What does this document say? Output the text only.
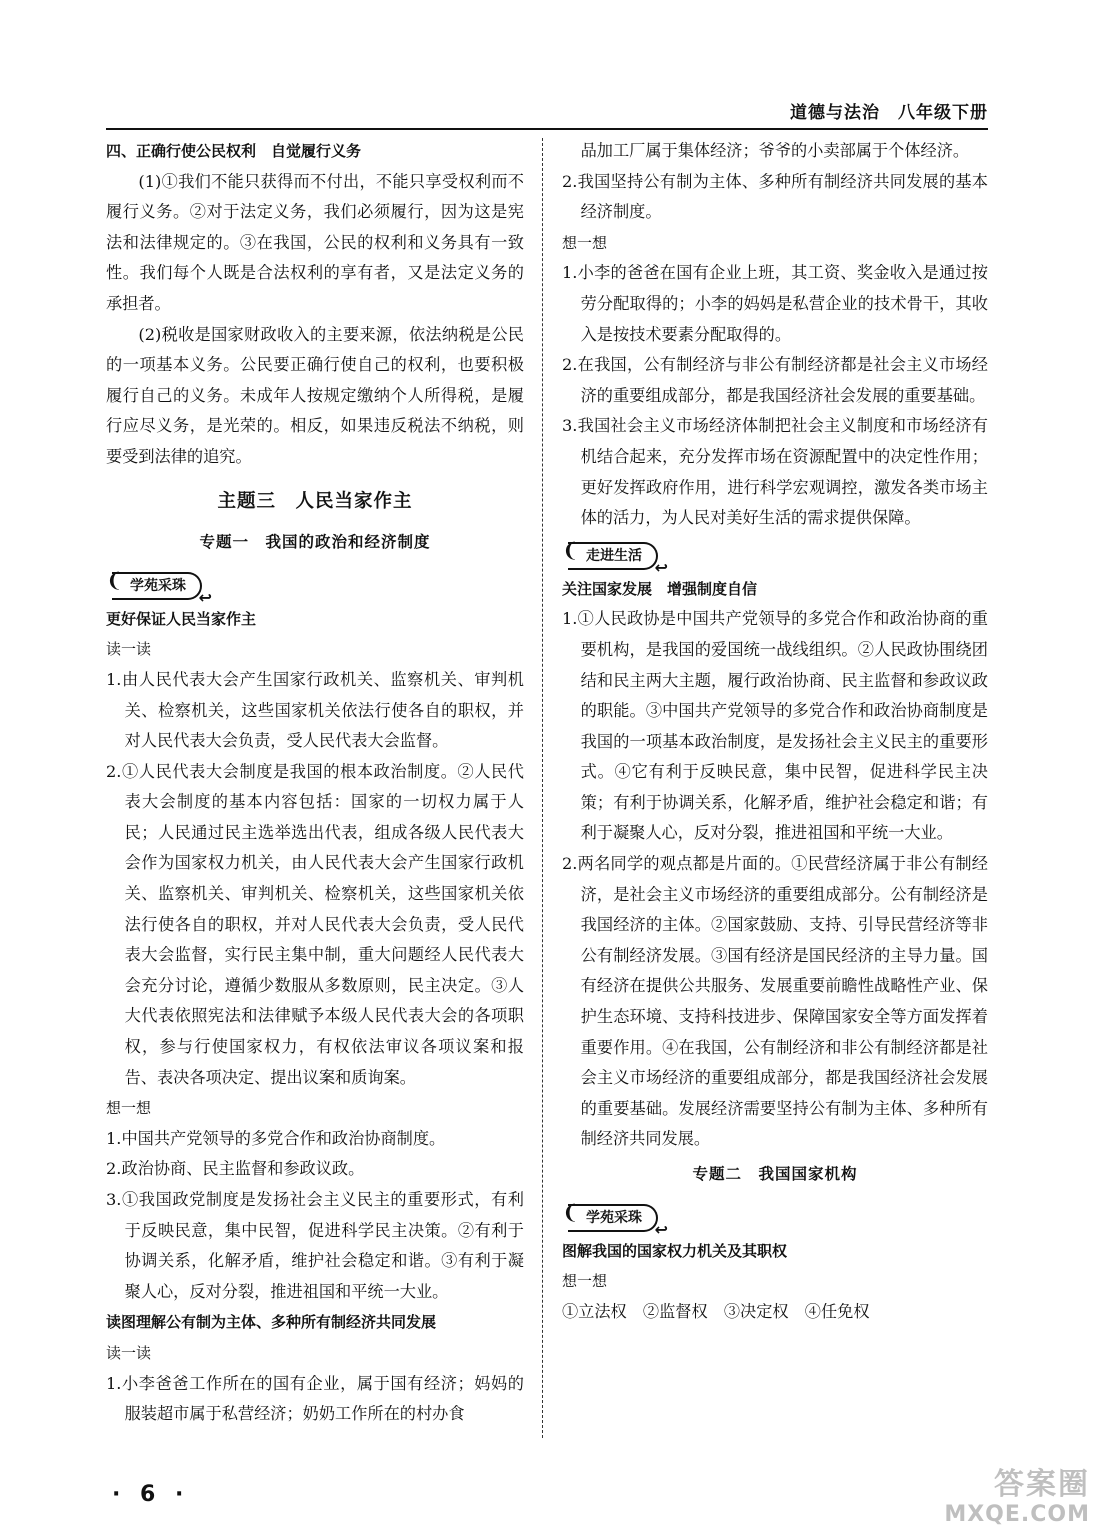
道德与法治　八年级下册

四、正确行使公民权利　自觉履行义务

(1)①我们不能只获得而不付出，不能只享受权利而不履行义务。②对于法定义务，我们必须履行，因为这是宪法和法律规定的。③在我国，公民的权利和义务具有一致性。我们每个人既是合法权利的享有者，又是法定义务的承担者。

(2)税收是国家财政收入的主要来源，依法纳税是公民的一项基本义务。公民要正确行使自己的权利，也要积极履行自己的义务。未成年人按规定缴纳个人所得税，是履行应尽义务，是光荣的。相反，如果违反税法不纳税，则要受到法律的追究。

主题三　人民当家作主
专题一　我国的政治和经济制度
❨ 学苑采珠
↩

更好保证人民当家作主

读一读

1.由人民代表大会产生国家行政机关、监察机关、审判机关、检察机关，这些国家机关依法行使各自的职权，并对人民代表大会负责，受人民代表大会监督。

2.①人民代表大会制度是我国的根本政治制度。②人民代表大会制度的基本内容包括：国家的一切权力属于人民；人民通过民主选举选出代表，组成各级人民代表大会作为国家权力机关，由人民代表大会产生国家行政机关、监察机关、审判机关、检察机关，这些国家机关依法行使各自的职权，并对人民代表大会负责，受人民代表大会监督，实行民主集中制，重大问题经人民代表大会充分讨论，遵循少数服从多数原则，民主决定。③人大代表依照宪法和法律赋予本级人民代表大会的各项职权，参与行使国家权力，有权依法审议各项议案和报告、表决各项决定、提出议案和质询案。

想一想

1.中国共产党领导的多党合作和政治协商制度。

2.政治协商、民主监督和参政议政。

3.①我国政党制度是发扬社会主义民主的重要形式，有利于反映民意，集中民智，促进科学民主决策。②有利于协调关系，化解矛盾，维护社会稳定和谐。③有利于凝聚人心，反对分裂，推进祖国和平统一大业。

读图理解公有制为主体、多种所有制经济共同发展

读一读

1.小李爸爸工作所在的国有企业，属于国有经济；妈妈的服装超市属于私营经济；奶奶工作所在的村办食

品加工厂属于集体经济；爷爷的小卖部属于个体经济。

2.我国坚持公有制为主体、多种所有制经济共同发展的基本经济制度。

想一想

1.小李的爸爸在国有企业上班，其工资、奖金收入是通过按劳分配取得的；小李的妈妈是私营企业的技术骨干，其收入是按技术要素分配取得的。

2.在我国，公有制经济与非公有制经济都是社会主义市场经济的重要组成部分，都是我国经济社会发展的重要基础。

3.我国社会主义市场经济体制把社会主义制度和市场经济有机结合起来，充分发挥市场在资源配置中的决定性作用；更好发挥政府作用，进行科学宏观调控，激发各类市场主体的活力，为人民对美好生活的需求提供保障。

❨ 走进生活
↩

关注国家发展　增强制度自信

1.①人民政协是中国共产党领导的多党合作和政治协商的重要机构，是我国的爱国统一战线组织。②人民政协围绕团结和民主两大主题，履行政治协商、民主监督和参政议政的职能。③中国共产党领导的多党合作和政治协商制度是我国的一项基本政治制度，是发扬社会主义民主的重要形式。④它有利于反映民意，集中民智，促进科学民主决策；有利于协调关系，化解矛盾，维护社会稳定和谐；有利于凝聚人心，反对分裂，推进祖国和平统一大业。

2.两名同学的观点都是片面的。①民营经济属于非公有制经济，是社会主义市场经济的重要组成部分。公有制经济是我国经济的主体。②国家鼓励、支持、引导民营经济等非公有制经济发展。③国有经济是国民经济的主导力量。国有经济在提供公共服务、发展重要前瞻性战略性产业、保护生态环境、支持科技进步、保障国家安全等方面发挥着重要作用。④在我国，公有制经济和非公有制经济都是社会主义市场经济的重要组成部分，都是我国经济社会发展的重要基础。发展经济需要坚持公有制为主体、多种所有制经济共同发展。

专题二　我国国家机构
❨ 学苑采珠
↩

图解我国的国家权力机关及其职权

想一想

①立法权　②监督权　③决定权　④任免权

· 6 ·	答案圈
MXQE.COM
